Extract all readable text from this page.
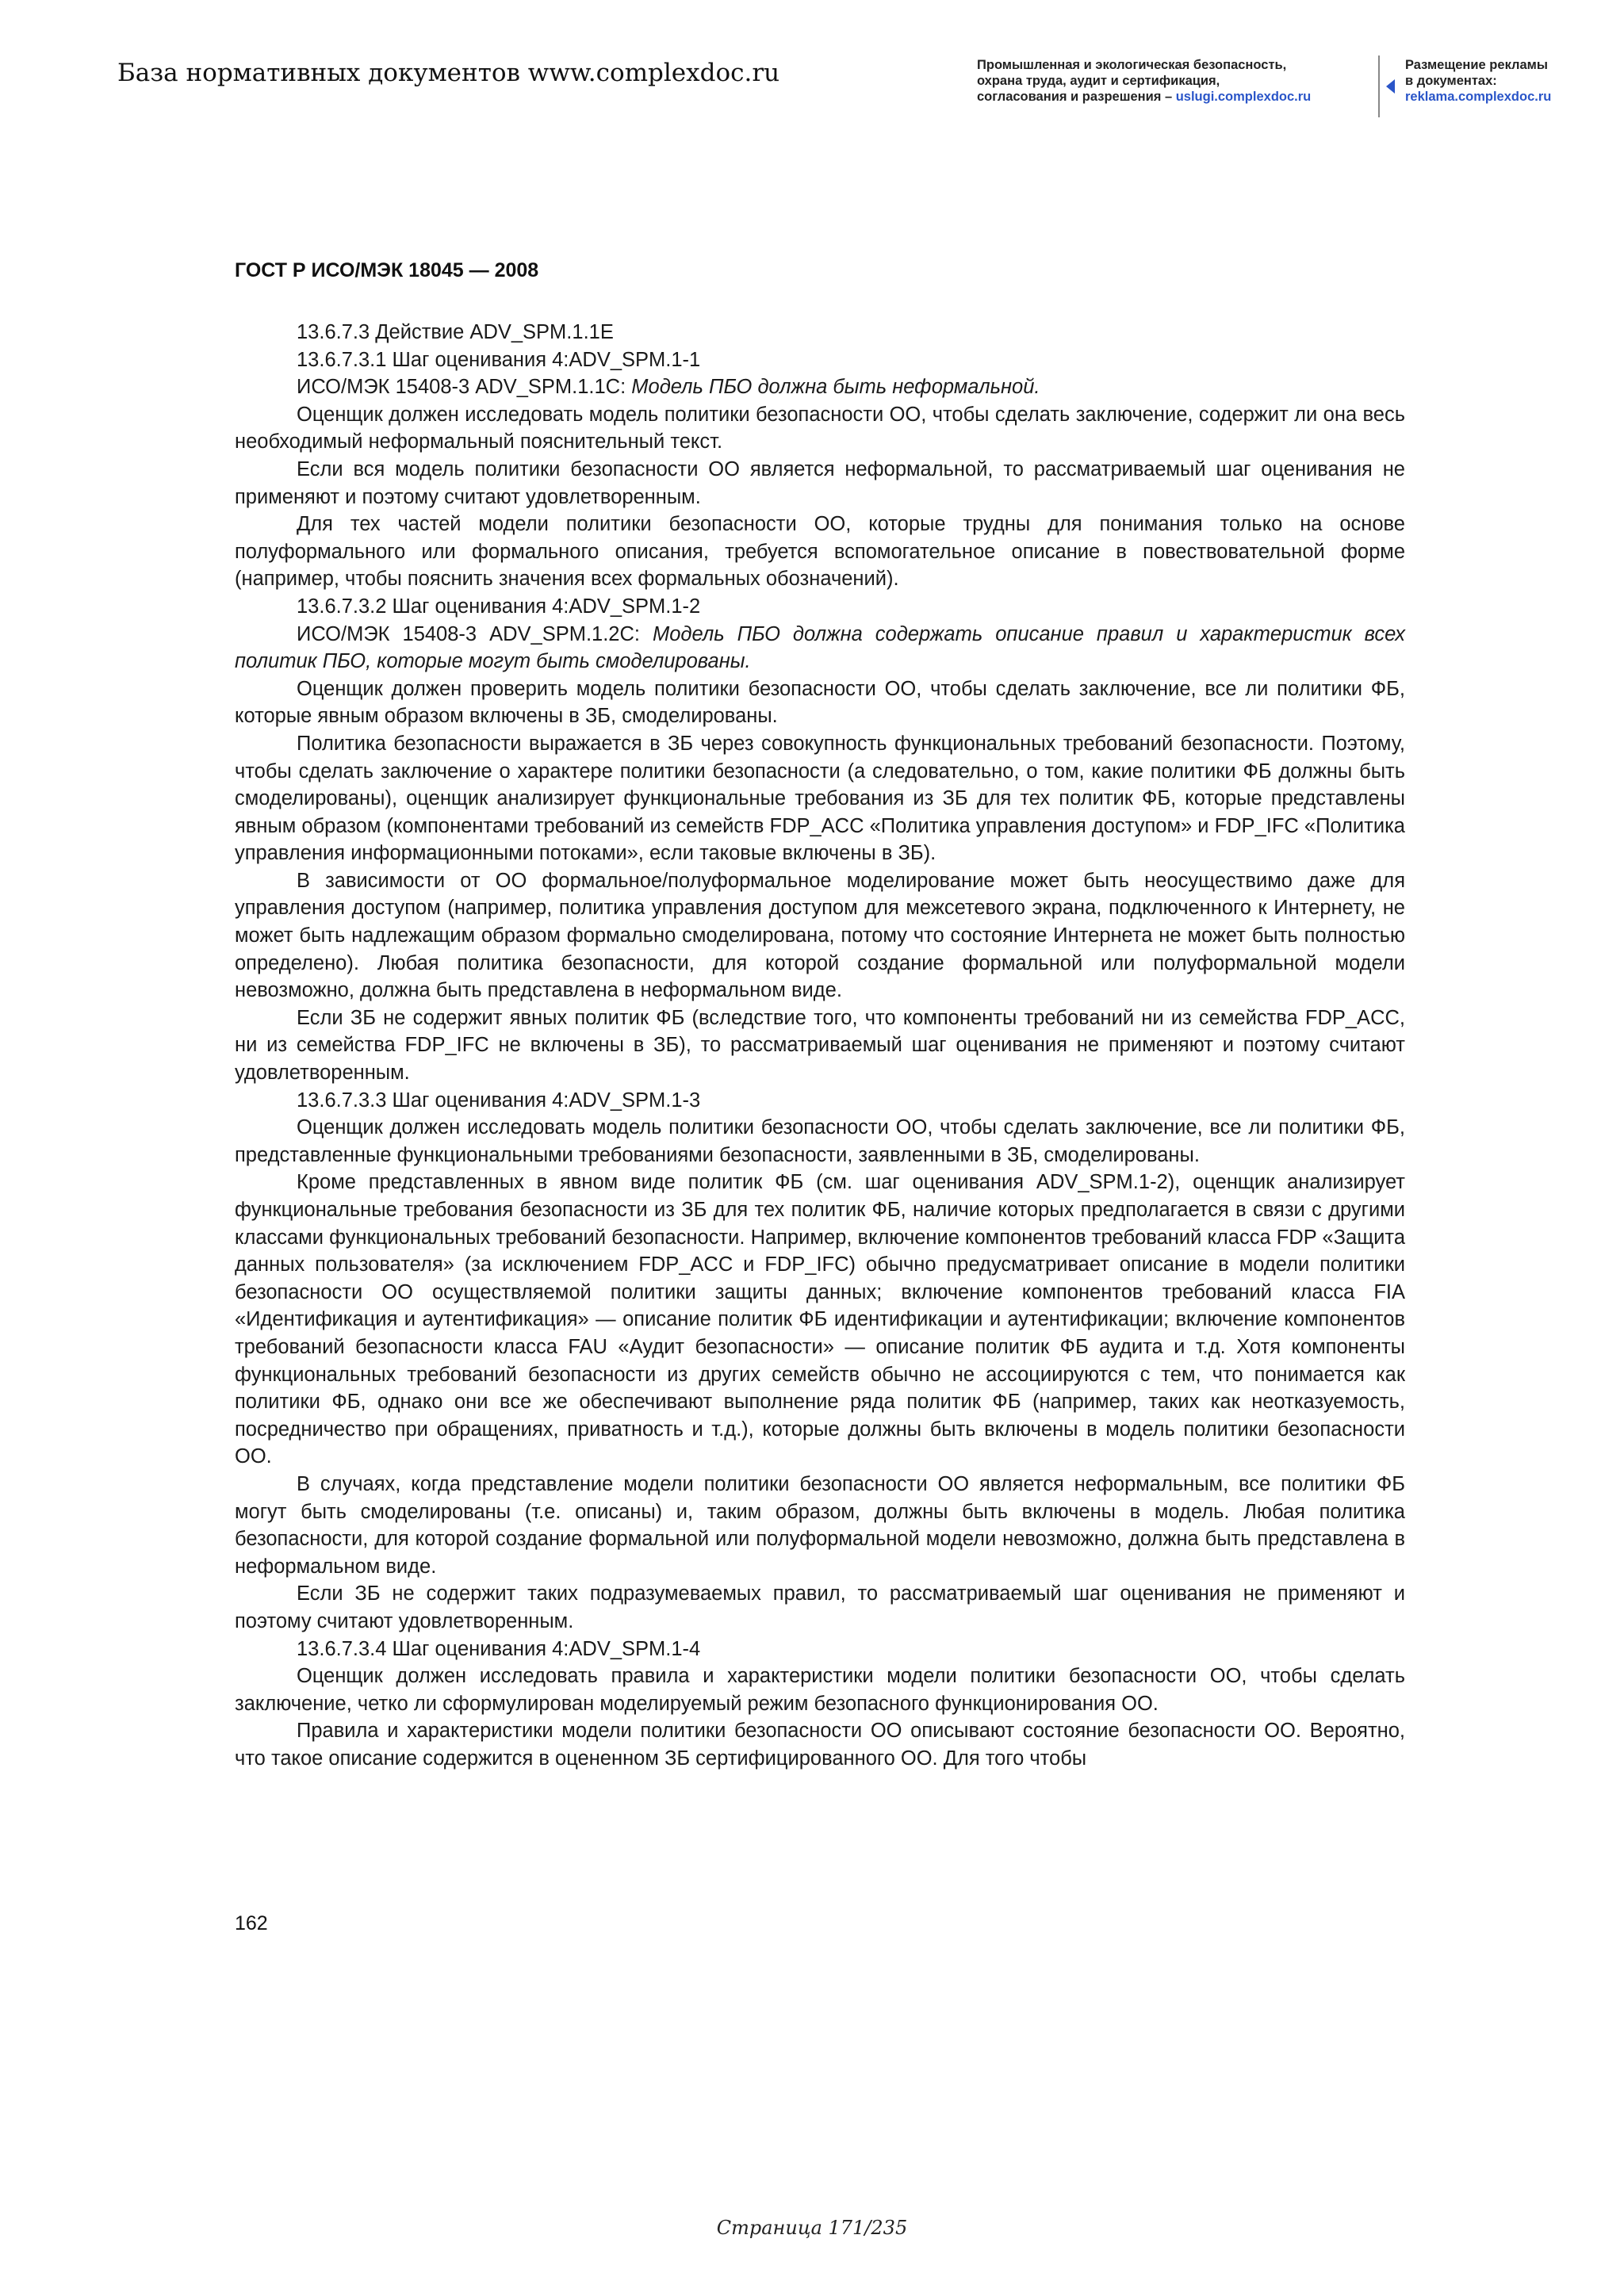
База нормативных документов www.complexdoc.ru	Промышленная и экологическая безопасность,
охрана труда, аудит и сертификация,
согласования и разрешения – uslugi.complexdoc.ru
Размещение рекламы
в документах:
reklama.complexdoc.ru
ГОСТ Р ИСО/МЭК 18045 — 2008

13.6.7.3 Действие ADV_SPM.1.1E

13.6.7.3.1 Шаг оценивания 4:ADV_SPM.1-1

ИСО/МЭК 15408-3 ADV_SPM.1.1C: Модель ПБО должна быть неформальной.

Оценщик должен исследовать модель политики безопасности ОО, чтобы сделать заключение, содержит ли она весь необходимый неформальный пояснительный текст.

Если вся модель политики безопасности ОО является неформальной, то рассматриваемый шаг оценивания не применяют и поэтому считают удовлетворенным.

Для тех частей модели политики безопасности ОО, которые трудны для понимания только на основе полуформального или формального описания, требуется вспомогательное описание в повествовательной форме (например, чтобы пояснить значения всех формальных обозначений).

13.6.7.3.2 Шаг оценивания 4:ADV_SPM.1-2

ИСО/МЭК 15408-3 ADV_SPM.1.2C: Модель ПБО должна содержать описание правил и характеристик всех политик ПБО, которые могут быть смоделированы.

Оценщик должен проверить модель политики безопасности ОО, чтобы сделать заключение, все ли политики ФБ, которые явным образом включены в ЗБ, смоделированы.

Политика безопасности выражается в ЗБ через совокупность функциональных требований безопасности. Поэтому, чтобы сделать заключение о характере политики безопасности (а следовательно, о том, какие политики ФБ должны быть смоделированы), оценщик анализирует функциональные требования из ЗБ для тех политик ФБ, которые представлены явным образом (компонентами требований из семейств FDP_ACC «Политика управления доступом» и FDP_IFC «Политика управления информационными потоками», если таковые включены в ЗБ).

В зависимости от ОО формальное/полуформальное моделирование может быть неосуществимо даже для управления доступом (например, политика управления доступом для межсетевого экрана, подключенного к Интернету, не может быть надлежащим образом формально смоделирована, потому что состояние Интернета не может быть полностью определено). Любая политика безопасности, для которой создание формальной или полуформальной модели невозможно, должна быть представлена в неформальном виде.

Если ЗБ не содержит явных политик ФБ (вследствие того, что компоненты требований ни из семейства FDP_ACC, ни из семейства FDP_IFC не включены в ЗБ), то рассматриваемый шаг оценивания не применяют и поэтому считают удовлетворенным.

13.6.7.3.3 Шаг оценивания 4:ADV_SPM.1-3

Оценщик должен исследовать модель политики безопасности ОО, чтобы сделать заключение, все ли политики ФБ, представленные функциональными требованиями безопасности, заявленными в ЗБ, смоделированы.

Кроме представленных в явном виде политик ФБ (см. шаг оценивания ADV_SPM.1-2), оценщик анализирует функциональные требования безопасности из ЗБ для тех политик ФБ, наличие которых предполагается в связи с другими классами функциональных требований безопасности. Например, включение компонентов требований класса FDP «Защита данных пользователя» (за исключением FDP_ACC и FDP_IFC) обычно предусматривает описание в модели политики безопасности ОО осуществляемой политики защиты данных; включение компонентов требований класса FIA «Идентификация и аутентификация» — описание политик ФБ идентификации и аутентификации; включение компонентов требований безопасности класса FAU «Аудит безопасности» — описание политик ФБ аудита и т.д. Хотя компоненты функциональных требований безопасности из других семейств обычно не ассоциируются с тем, что понимается как политики ФБ, однако они все же обеспечивают выполнение ряда политик ФБ (например, таких как неотказуемость, посредничество при обращениях, приватность и т.д.), которые должны быть включены в модель политики безопасности ОО.

В случаях, когда представление модели политики безопасности ОО является неформальным, все политики ФБ могут быть смоделированы (т.е. описаны) и, таким образом, должны быть включены в модель. Любая политика безопасности, для которой создание формальной или полуформальной модели невозможно, должна быть представлена в неформальном виде.

Если ЗБ не содержит таких подразумеваемых правил, то рассматриваемый шаг оценивания не применяют и поэтому считают удовлетворенным.

13.6.7.3.4 Шаг оценивания 4:ADV_SPM.1-4

Оценщик должен исследовать правила и характеристики модели политики безопасности ОО, чтобы сделать заключение, четко ли сформулирован моделируемый режим безопасного функционирования ОО.

Правила и характеристики модели политики безопасности ОО описывают состояние безопасности ОО. Вероятно, что такое описание содержится в оцененном ЗБ сертифицированного ОО. Для того чтобы

162
Страница 171/235
